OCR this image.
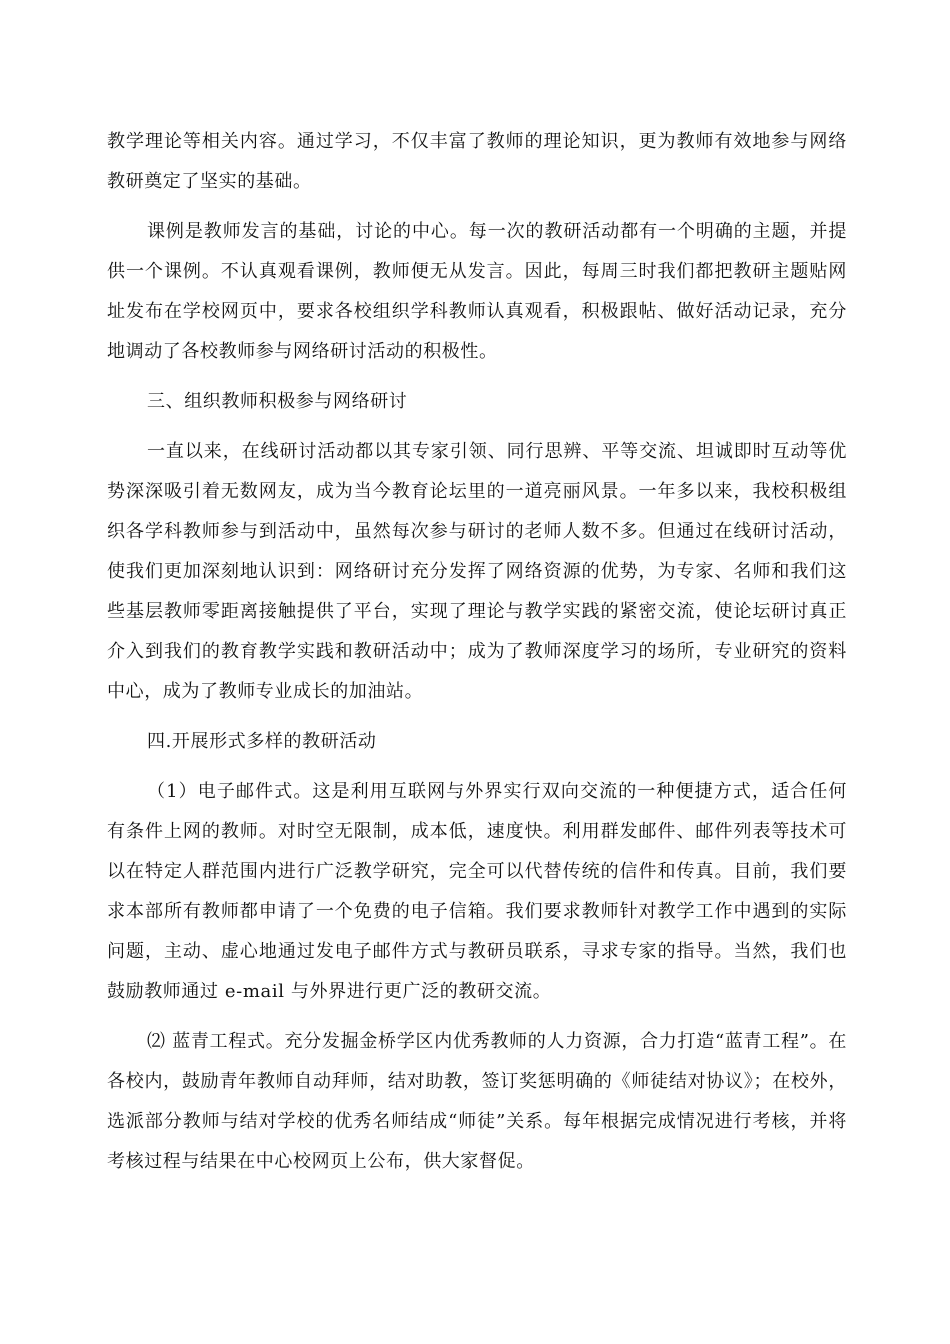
教学理论等相关内容。通过学习，不仅丰富了教师的理论知识，更为教师有效地参与网络教研奠定了坚实的基础。

课例是教师发言的基础，讨论的中心。每一次的教研活动都有一个明确的主题，并提供一个课例。不认真观看课例，教师便无从发言。因此，每周三时我们都把教研主题贴网址发布在学校网页中，要求各校组织学科教师认真观看，积极跟帖、做好活动记录，充分地调动了各校教师参与网络研讨活动的积极性。

三、组织教师积极参与网络研讨

一直以来，在线研讨活动都以其专家引领、同行思辨、平等交流、坦诚即时互动等优势深深吸引着无数网友，成为当今教育论坛里的一道亮丽风景。一年多以来，我校积极组织各学科教师参与到活动中，虽然每次参与研讨的老师人数不多。但通过在线研讨活动，使我们更加深刻地认识到：网络研讨充分发挥了网络资源的优势，为专家、名师和我们这些基层教师零距离接触提供了平台，实现了理论与教学实践的紧密交流，使论坛研讨真正介入到我们的教育教学实践和教研活动中；成为了教师深度学习的场所，专业研究的资料中心，成为了教师专业成长的加油站。

四.开展形式多样的教研活动

（1）电子邮件式。这是利用互联网与外界实行双向交流的一种便捷方式，适合任何有条件上网的教师。对时空无限制，成本低，速度快。利用群发邮件、邮件列表等技术可以在特定人群范围内进行广泛教学研究，完全可以代替传统的信件和传真。目前，我们要求本部所有教师都申请了一个免费的电子信箱。我们要求教师针对教学工作中遇到的实际问题，主动、虚心地通过发电子邮件方式与教研员联系，寻求专家的指导。当然，我们也鼓励教师通过 e-mail 与外界进行更广泛的教研交流。

⑵ 蓝青工程式。充分发掘金桥学区内优秀教师的人力资源，合力打造“蓝青工程”。在各校内，鼓励青年教师自动拜师，结对助教，签订奖惩明确的《师徒结对协议》；在校外，选派部分教师与结对学校的优秀名师结成“师徒”关系。每年根据完成情况进行考核，并将考核过程与结果在中心校网页上公布，供大家督促。
